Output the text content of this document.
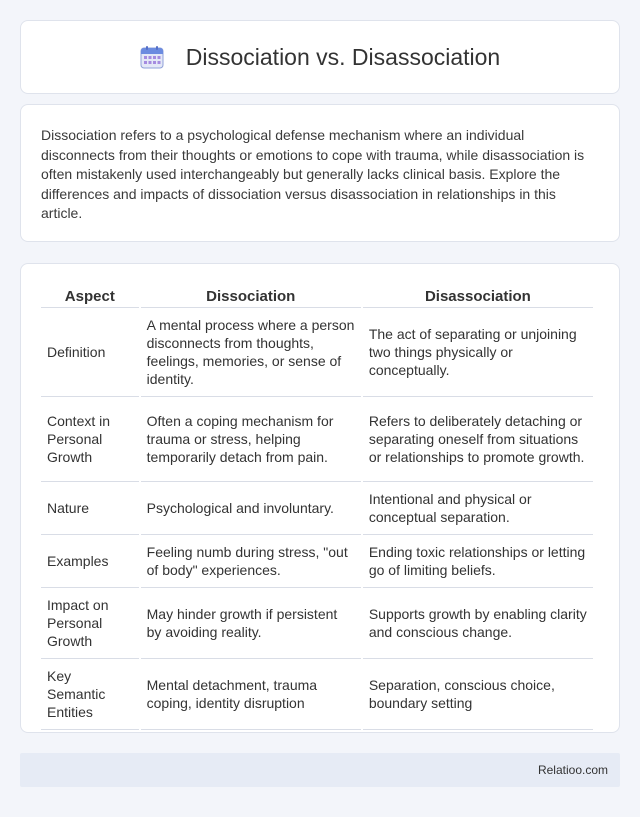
Dissociation vs. Disassociation

Dissociation refers to a psychological defense mechanism where an individual disconnects from their thoughts or emotions to cope with trauma, while disassociation is often mistakenly used interchangeably but generally lacks clinical basis. Explore the differences and impacts of dissociation versus disassociation in relationships in this article.

Aspect	Dissociation	Disassociation
Definition	A mental process where a person disconnects from thoughts, feelings, memories, or sense of identity.	The act of separating or unjoining two things physically or conceptually.
Context in Personal Growth	Often a coping mechanism for trauma or stress, helping temporarily detach from pain.	Refers to deliberately detaching or separating oneself from situations or relationships to promote growth.
Nature	Psychological and involuntary.	Intentional and physical or conceptual separation.
Examples	Feeling numb during stress, "out of body" experiences.	Ending toxic relationships or letting go of limiting beliefs.
Impact on Personal Growth	May hinder growth if persistent by avoiding reality.	Supports growth by enabling clarity and conscious change.
Key Semantic Entities	Mental detachment, trauma coping, identity disruption	Separation, conscious choice, boundary setting
Relatioo.com
